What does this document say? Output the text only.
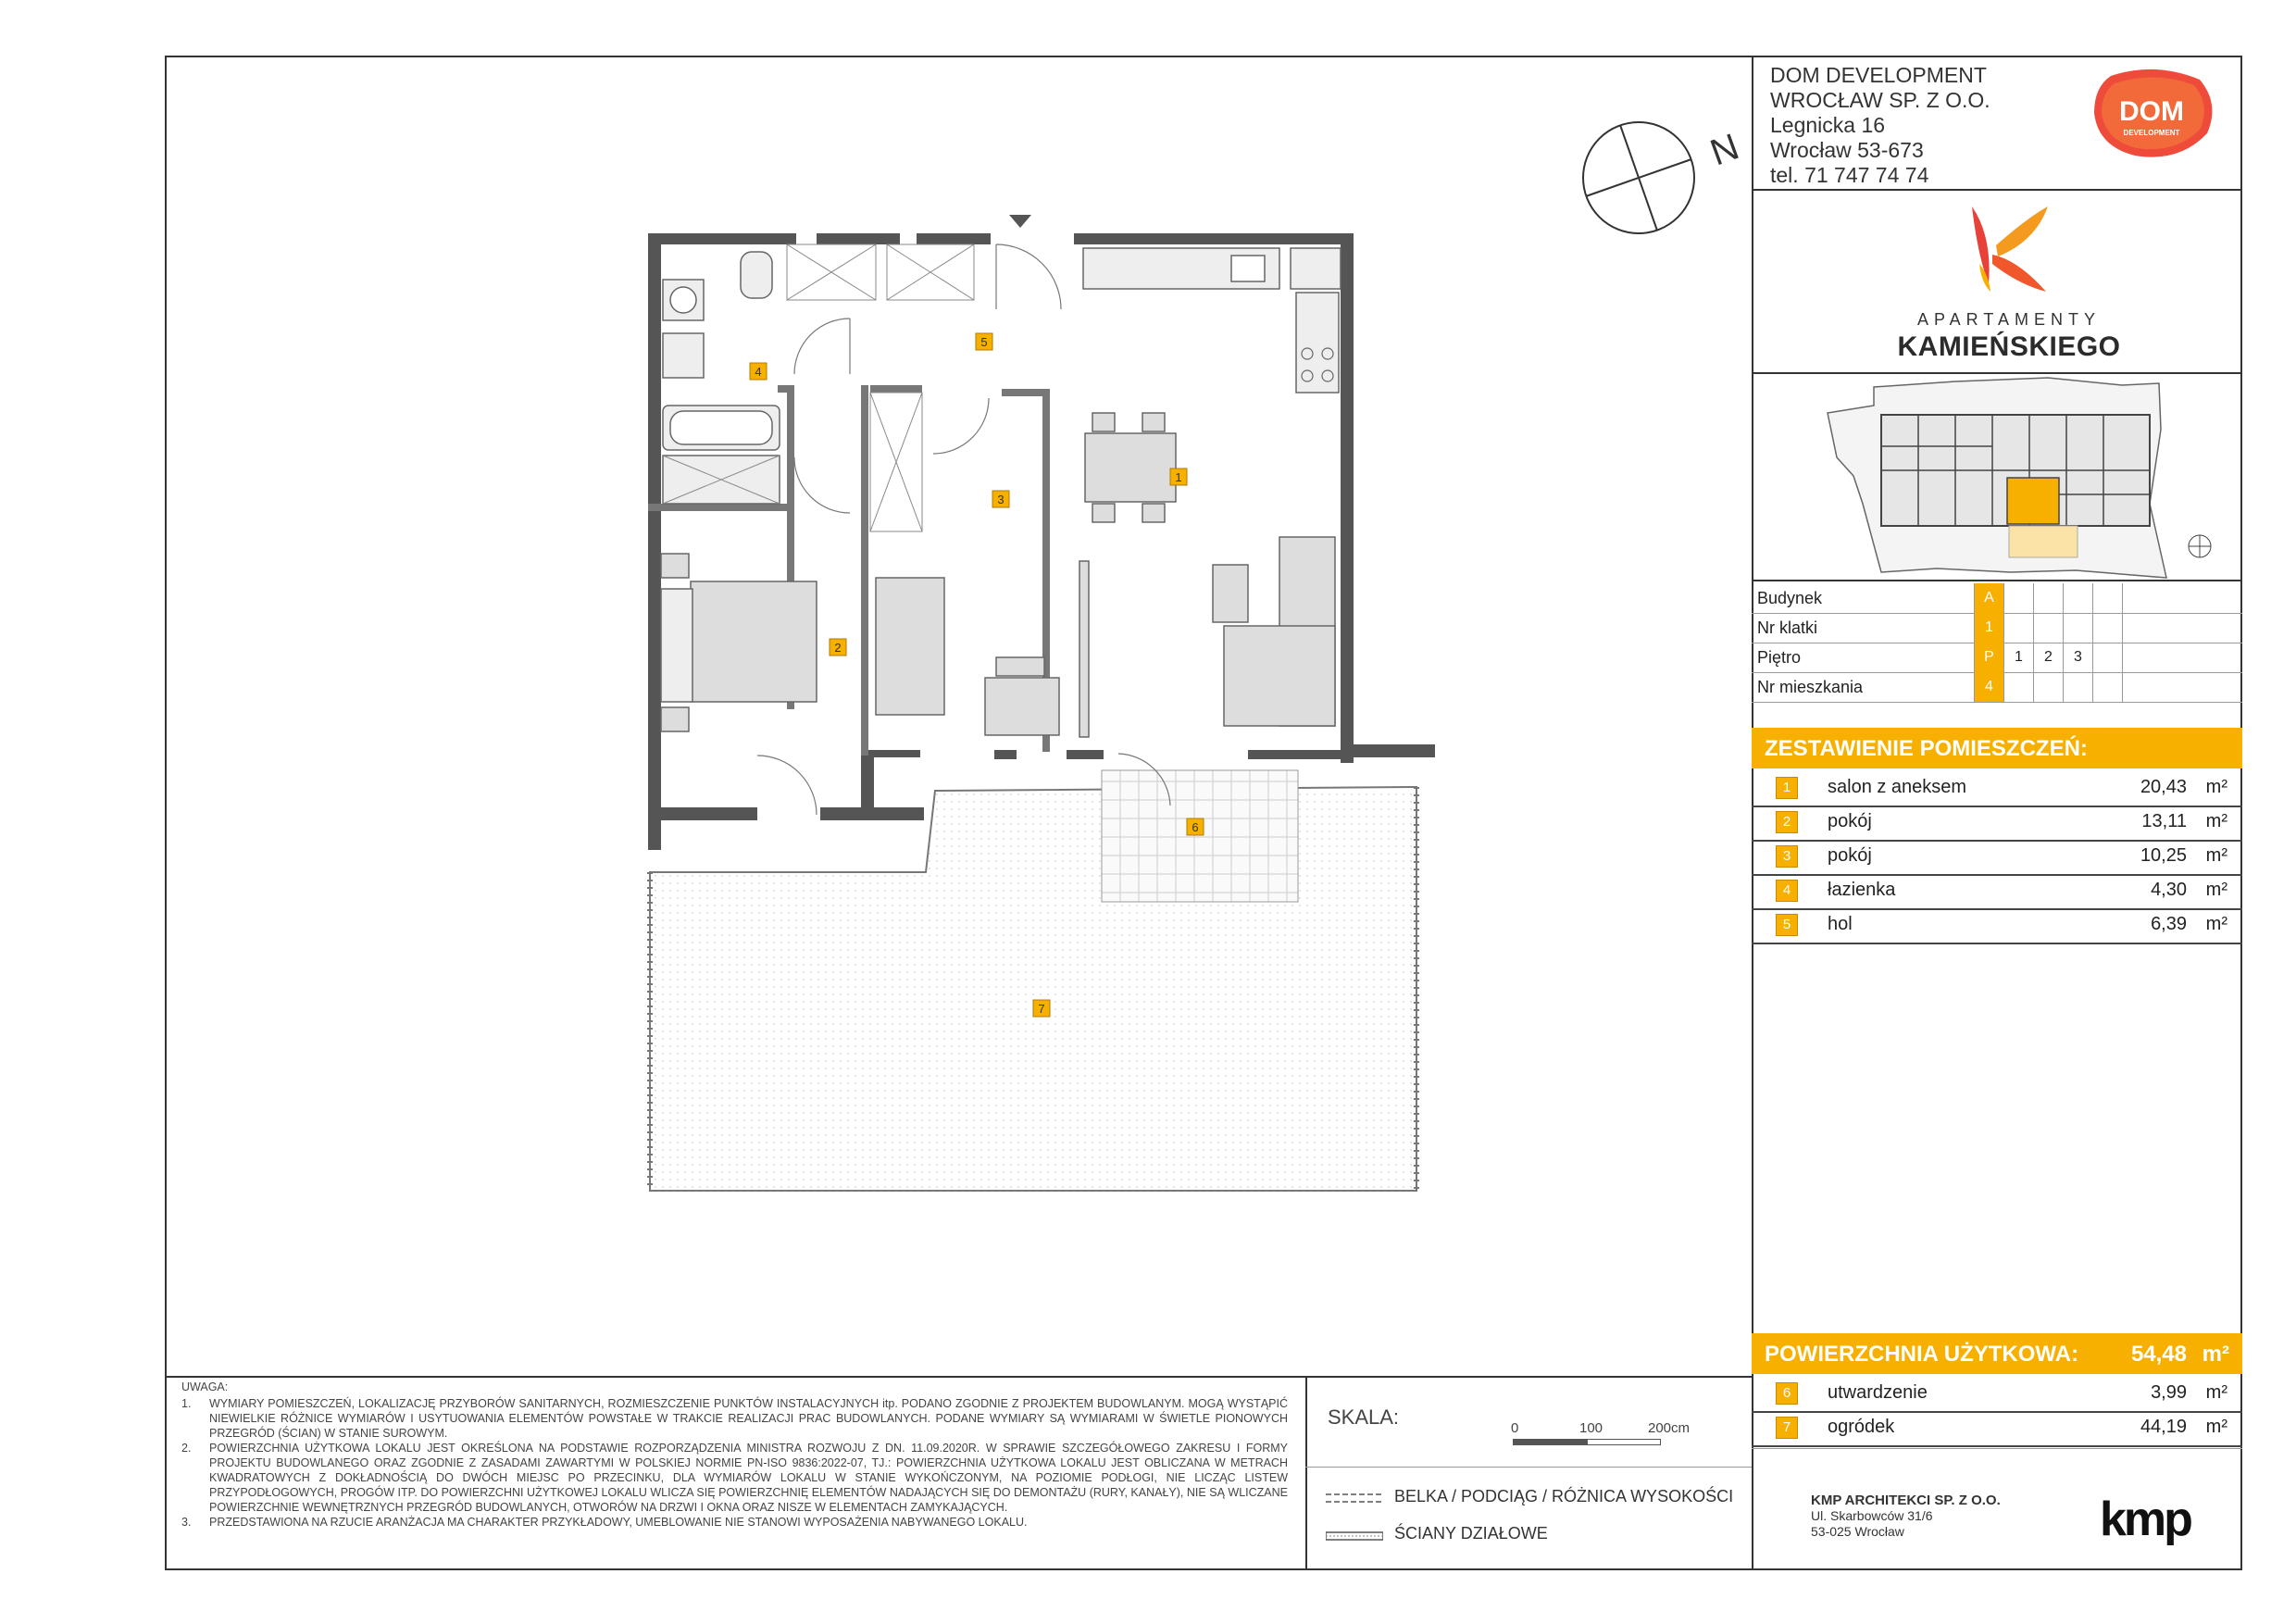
DOM DEVELOPMENT
WROCŁAW SP. Z O.O.
Legnicka 16
Wrocław 53-673
tel. 71 747 74 74
DOM
DEVELOPMENT
N
APARTAMENTY
KAMIEŃSKIEGO
Budynek	A
Nr klatki	1
Piętro	P	1	2	3
Nr mieszkania	4
ZESTAWIENIE POMIESZCZEŃ:
1	salon z aneksem	20,43 m²
2	pokój	13,11 m²
3	pokój	10,25 m²
4	łazienka	4,30 m²
5	hol	6,39 m²
POWIERZCHNIA UŻYTKOWA: 54,48 m²
6	utwardzenie	3,99 m²
7	ogródek	44,19 m²
UWAGA:
1.	WYMIARY POMIESZCZEŃ, LOKALIZACJĘ PRZYBORÓW SANITARNYCH, ROZMIESZCZENIE PUNKTÓW INSTALACYJNYCH itp. PODANO ZGODNIE Z PROJEKTEM BUDOWLANYM. MOGĄ WYSTĄPIĆ NIEWIELKIE RÓŻNICE WYMIARÓW I USYTUOWANIA ELEMENTÓW POWSTAŁE W TRAKCIE REALIZACJI PRAC BUDOWLANYCH. PODANE WYMIARY SĄ WYMIARAMI W ŚWIETLE PIONOWYCH PRZEGRÓD (ŚCIAN) W STANIE SUROWYM.
2.	POWIERZCHNIA UŻYTKOWA LOKALU JEST OKREŚLONA NA PODSTAWIE ROZPORZĄDZENIA MINISTRA ROZWOJU Z DN. 11.09.2020R. W SPRAWIE SZCZEGÓŁOWEGO ZAKRESU I FORMY PROJEKTU BUDOWLANEGO ORAZ ZGODNIE Z ZASADAMI ZAWARTYMI W POLSKIEJ NORMIE PN-ISO 9836:2022-07, TJ.: POWIERZCHNIA UŻYTKOWA LOKALU JEST OBLICZANA W METRACH KWADRATOWYCH Z DOKŁADNOŚCIĄ DO DWÓCH MIEJSC PO PRZECINKU, DLA WYMIARÓW LOKALU W STANIE WYKOŃCZONYM, NA POZIOMIE PODŁOGI, NIE LICZĄC LISTEW PRZYPODŁOGOWYCH, PROGÓW ITP. DO POWIERZCHNI UŻYTKOWEJ LOKALU WLICZA SIĘ POWIERZCHNIĘ ELEMENTÓW NADAJĄCYCH SIĘ DO DEMONTAŻU (RURY, KANAŁY), NIE SĄ WLICZANE POWIERZCHNIE WEWNĘTRZNYCH PRZEGRÓD BUDOWLANYCH, OTWORÓW NA DRZWI I OKNA ORAZ NISZE W ELEMENTACH ZAMYKAJĄCYCH.
3.	PRZEDSTAWIONA NA RZUCIE ARANŻACJA MA CHARAKTER PRZYKŁADOWY, UMEBLOWANIE NIE STANOWI WYPOSAŻENIA NABYWANEGO LOKALU.
SKALA:	0	100	200cm
BELKA / PODCIĄG / RÓŻNICA WYSOKOŚCI
ŚCIANY DZIAŁOWE
KMP ARCHITEKCI SP. Z O.O.
Ul. Skarbowców 31/6
53-025 Wrocław	kmp
1
2
3
4
5
6
7
